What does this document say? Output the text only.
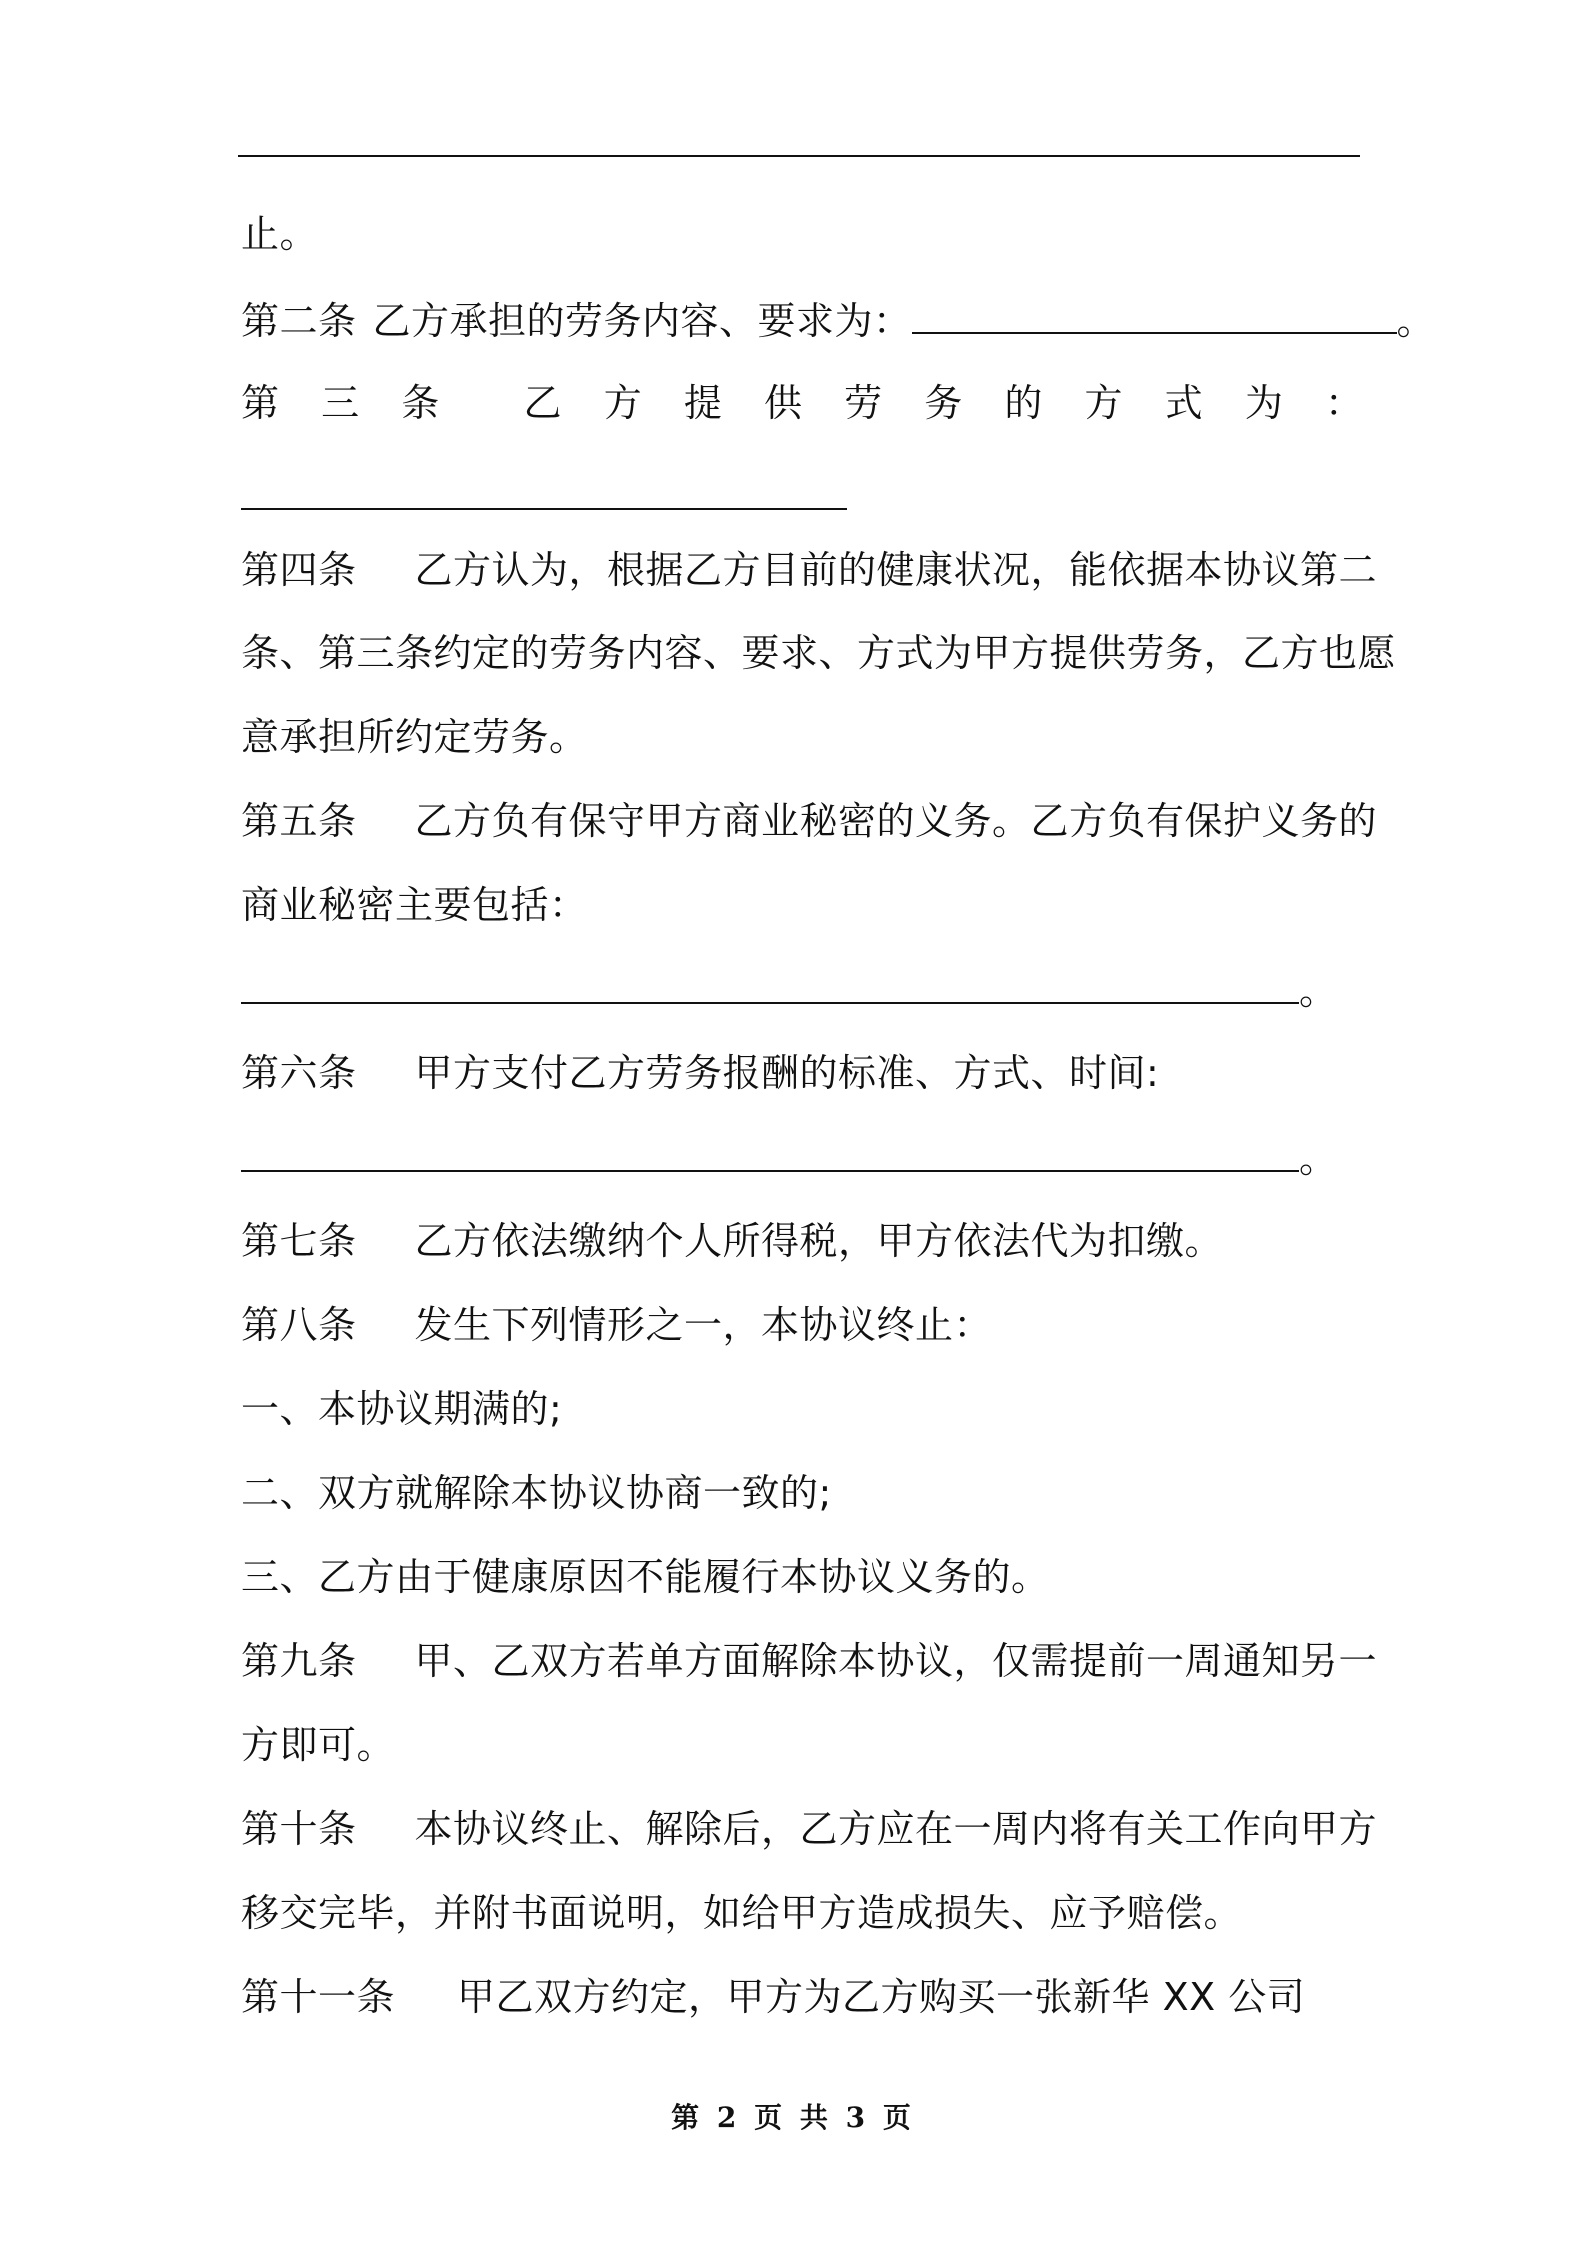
止。
第二条 乙方承担的劳务内容、要求为：	。
第 三 条 乙 方 提 供 劳 务 的 方 式 为 ：
第四条 乙方认为，根据乙方目前的健康状况，能依据本协议第二
条、第三条约定的劳务内容、要求、方式为甲方提供劳务，乙方也愿
意承担所约定劳务。
第五条 乙方负有保守甲方商业秘密的义务。乙方负有保护义务的
商业秘密主要包括：
。
第六条 甲方支付乙方劳务报酬的标准、方式、时间:
。
第七条 乙方依法缴纳个人所得税，甲方依法代为扣缴。
第八条 发生下列情形之一，本协议终止：
一、本协议期满的;
二、双方就解除本协议协商一致的;
三、乙方由于健康原因不能履行本协议义务的。
第九条 甲、乙双方若单方面解除本协议，仅需提前一周通知另一
方即可。
第十条 本协议终止、解除后，乙方应在一周内将有关工作向甲方
移交完毕，并附书面说明，如给甲方造成损失、应予赔偿。
第十一条 甲乙双方约定，甲方为乙方购买一张新华 XX 公司
第 2 页 共 3 页
